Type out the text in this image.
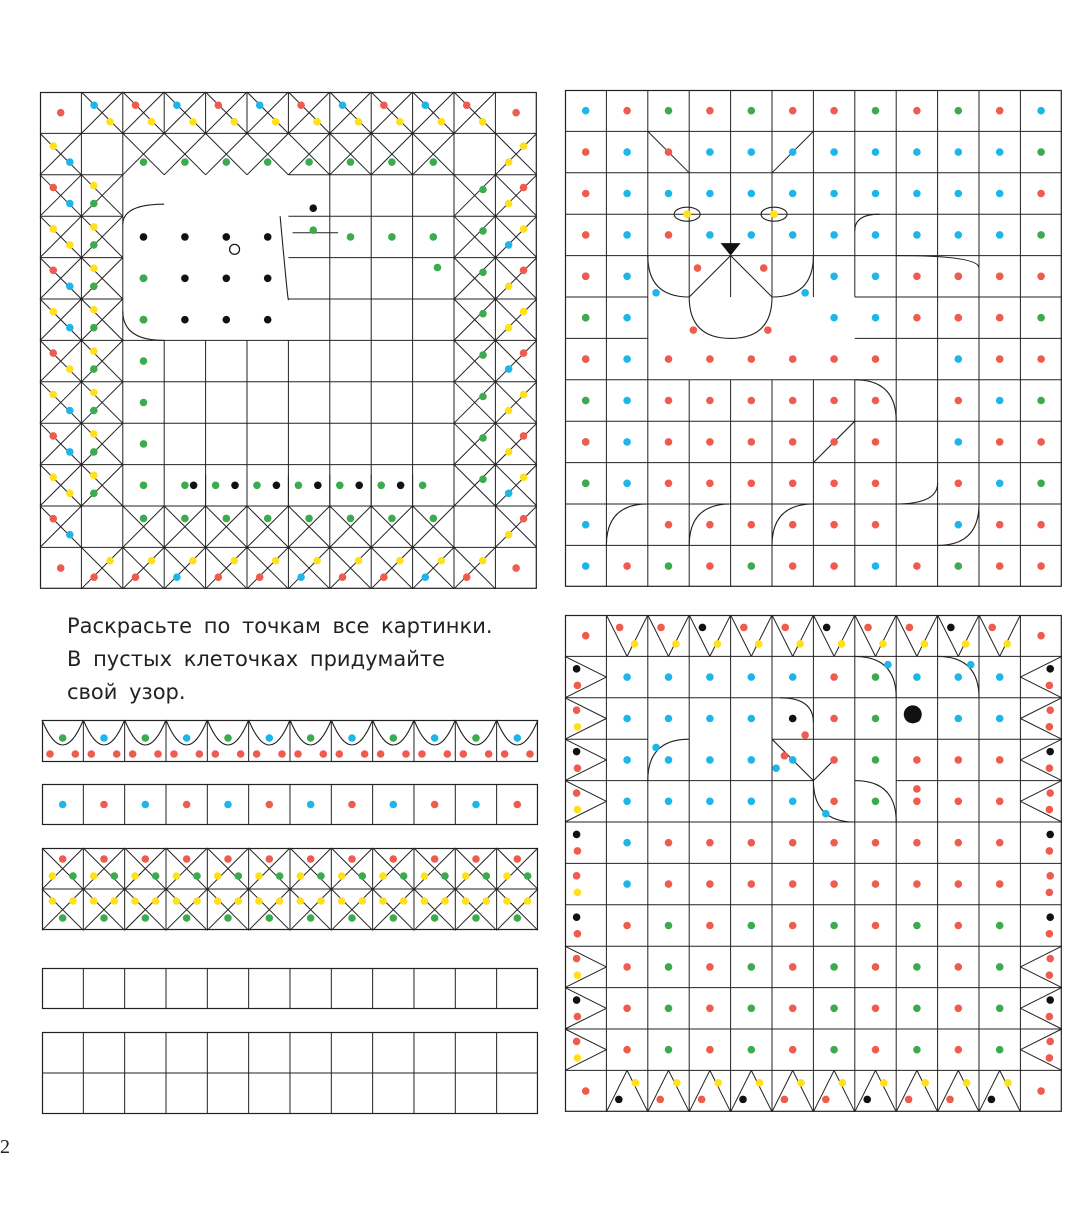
Раскрасьте по точкам все картинки.
В пустых клеточках придумайте
свой узор.
2
